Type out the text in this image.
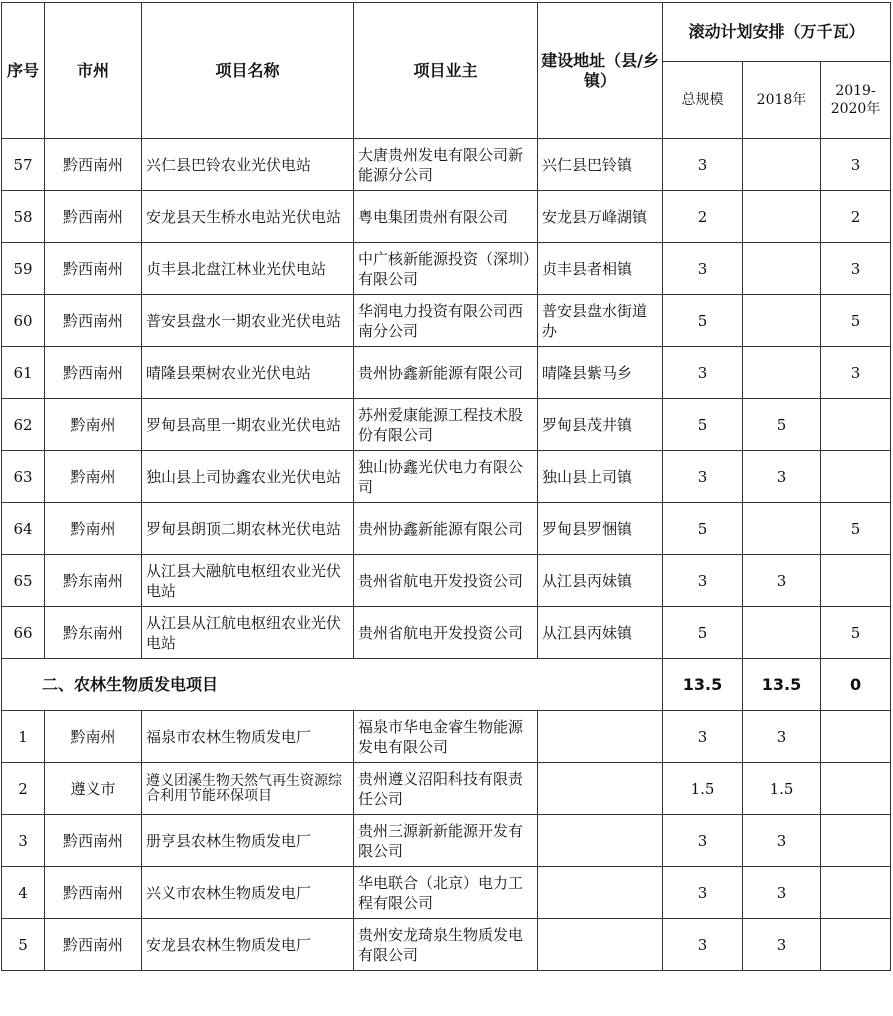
序号	市州	项目名称	项目业主	建设地址（县/乡镇）	滚动计划安排（万千瓦）		
					总规模	2018年	2019-2020年
57	黔西南州	兴仁县巴铃农业光伏电站	大唐贵州发电有限公司新能源分公司	兴仁县巴铃镇	3		3
58	黔西南州	安龙县天生桥水电站光伏电站	粤电集团贵州有限公司	安龙县万峰湖镇	2		2
59	黔西南州	贞丰县北盘江林业光伏电站	中广核新能源投资（深圳）有限公司	贞丰县者相镇	3		3
60	黔西南州	普安县盘水一期农业光伏电站	华润电力投资有限公司西南分公司	普安县盘水街道办	5		5
61	黔西南州	晴隆县栗树农业光伏电站	贵州协鑫新能源有限公司	晴隆县紫马乡	3		3
62	黔南州	罗甸县高里一期农业光伏电站	苏州爱康能源工程技术股份有限公司	罗甸县茂井镇	5	5	
63	黔南州	独山县上司协鑫农业光伏电站	独山协鑫光伏电力有限公司	独山县上司镇	3	3	
64	黔南州	罗甸县朗顶二期农林光伏电站	贵州协鑫新能源有限公司	罗甸县罗悃镇	5		5
65	黔东南州	从江县大融航电枢纽农业光伏电站	贵州省航电开发投资公司	从江县丙妹镇	3	3	
66	黔东南州	从江县从江航电枢纽农业光伏电站	贵州省航电开发投资公司	从江县丙妹镇	5		5
二、农林生物质发电项目					13.5	13.5	0
1	黔南州	福泉市农林生物质发电厂	福泉市华电金睿生物能源发电有限公司		3	3	
2	遵义市	遵义团溪生物天然气再生资源综合利用节能环保项目	贵州遵义沼阳科技有限责任公司		1.5	1.5	
3	黔西南州	册亨县农林生物质发电厂	贵州三源新新能源开发有限公司		3	3	
4	黔西南州	兴义市农林生物质发电厂	华电联合（北京）电力工程有限公司		3	3	
5	黔西南州	安龙县农林生物质发电厂	贵州安龙琦泉生物质发电有限公司		3	3	
